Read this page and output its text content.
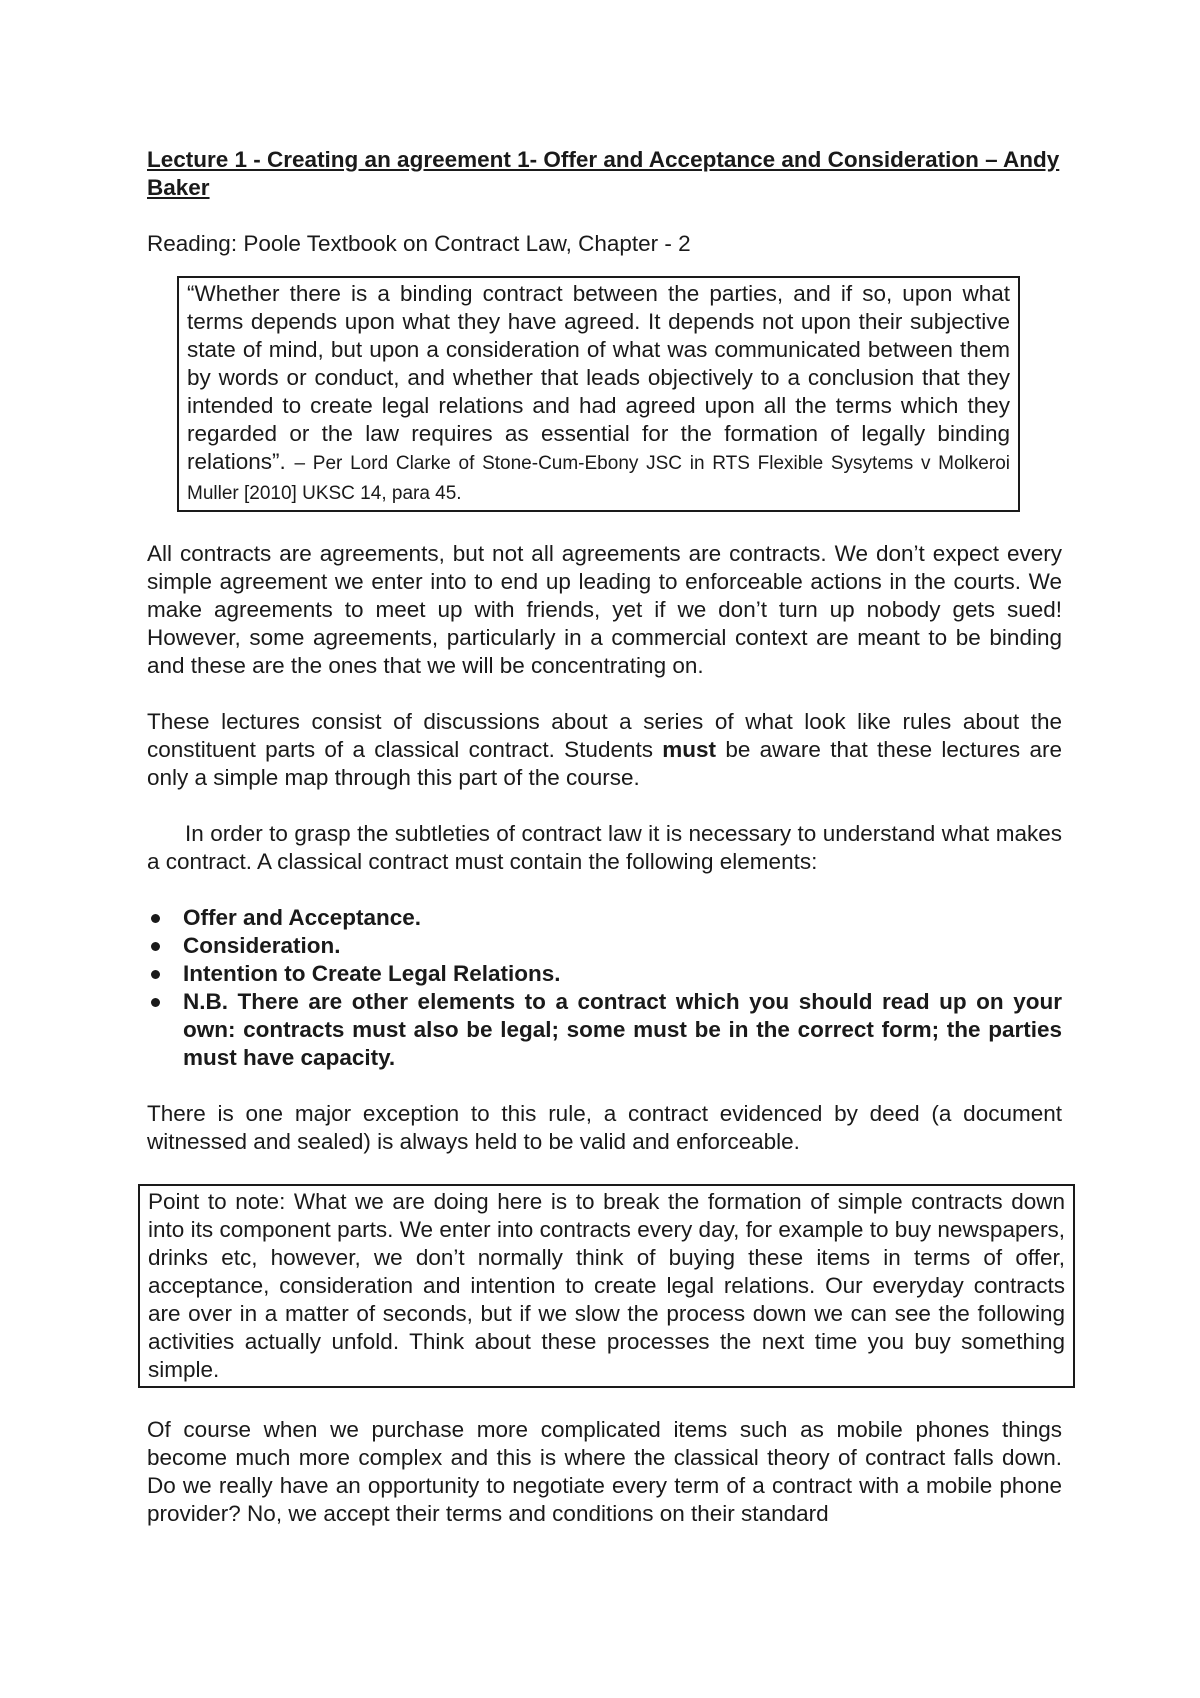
Lecture 1 - Creating an agreement 1- Offer and Acceptance and Consideration – Andy Baker

Reading: Poole Textbook on Contract Law, Chapter - 2

“Whether there is a binding contract between the parties, and if so, upon what terms depends upon what they have agreed. It depends not upon their subjective state of mind, but upon a consideration of what was communicated between them by words or conduct, and whether that leads objectively to a conclusion that they intended to create legal relations and had agreed upon all the terms which they regarded or the law requires as essential for the formation of legally binding relations”. – Per Lord Clarke of Stone-Cum-Ebony JSC in RTS Flexible Sysytems v Molkeroi Muller [2010] UKSC 14, para 45.

All contracts are agreements, but not all agreements are contracts. We don’t expect every simple agreement we enter into to end up leading to enforceable actions in the courts. We make agreements to meet up with friends, yet if we don’t turn up nobody gets sued! However, some agreements, particularly in a commercial context are meant to be binding and these are the ones that we will be concentrating on.

These lectures consist of discussions about a series of what look like rules about the constituent parts of a classical contract. Students must be aware that these lectures are only a simple map through this part of the course.

In order to grasp the subtleties of contract law it is necessary to understand what makes a contract. A classical contract must contain the following elements:

Offer and Acceptance.
Consideration.
Intention to Create Legal Relations.
N.B. There are other elements to a contract which you should read up on your own: contracts must also be legal; some must be in the correct form; the parties must have capacity.

There is one major exception to this rule, a contract evidenced by deed (a document witnessed and sealed) is always held to be valid and enforceable.

Point to note: What we are doing here is to break the formation of simple contracts down into its component parts. We enter into contracts every day, for example to buy newspapers, drinks etc, however, we don’t normally think of buying these items in terms of offer, acceptance, consideration and intention to create legal relations. Our everyday contracts are over in a matter of seconds, but if we slow the process down we can see the following activities actually unfold. Think about these processes the next time you buy something simple.

Of course when we purchase more complicated items such as mobile phones things become much more complex and this is where the classical theory of contract falls down. Do we really have an opportunity to negotiate every term of a contract with a mobile phone provider? No, we accept their terms and conditions on their standard
